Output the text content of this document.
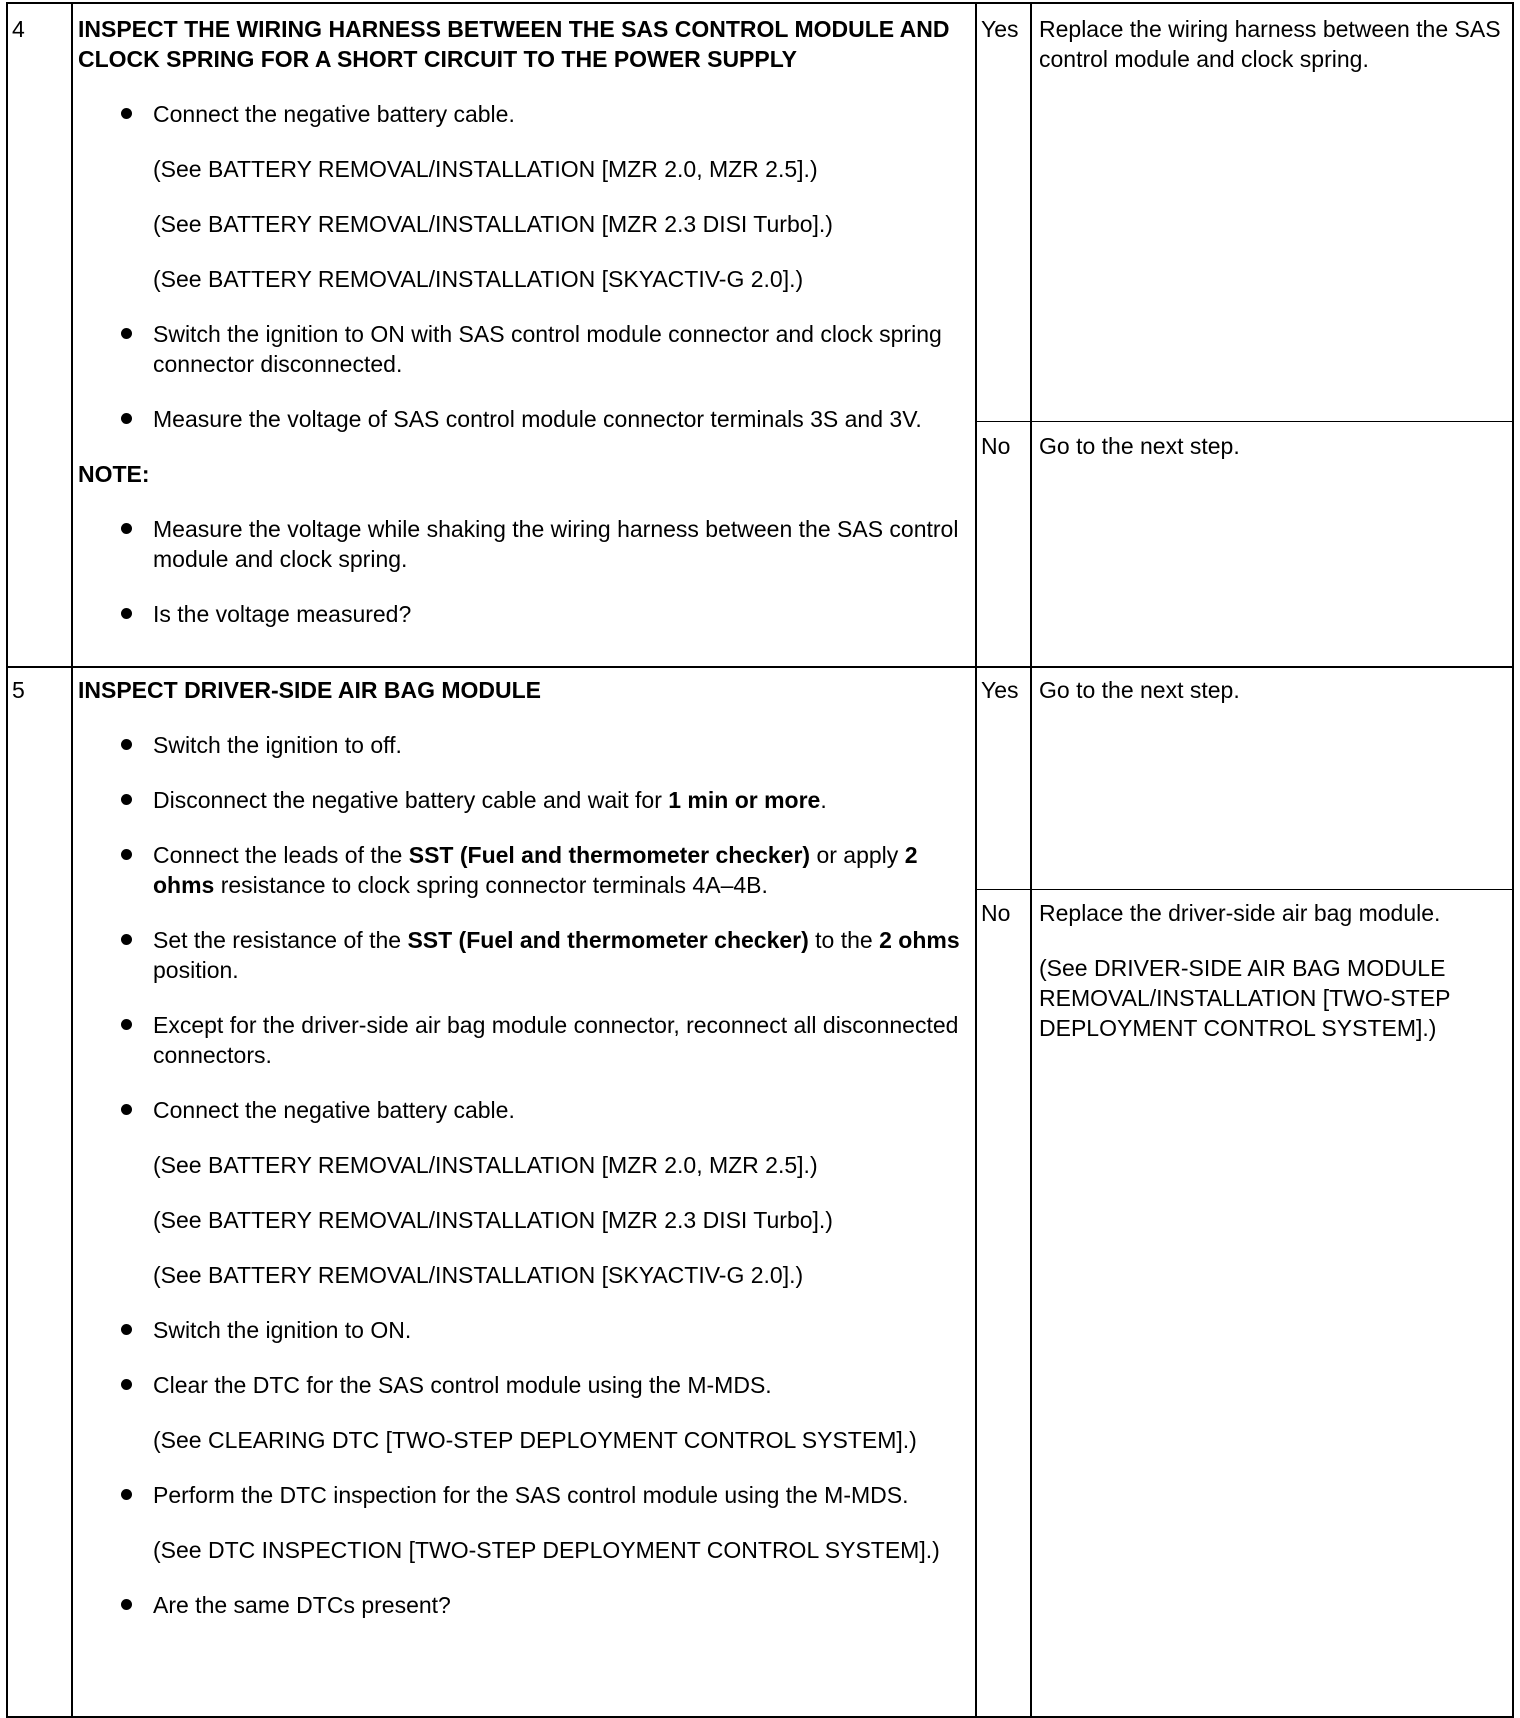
4 INSPECT THE WIRING HARNESS BETWEEN THE SAS CONTROL MODULE AND CLOCK SPRING FOR A SHORT CIRCUIT TO THE POWER SUPPLY

Connect the negative battery cable.

(See BATTERY REMOVAL/INSTALLATION [MZR 2.0, MZR 2.5].)

(See BATTERY REMOVAL/INSTALLATION [MZR 2.3 DISI Turbo].)

(See BATTERY REMOVAL/INSTALLATION [SKYACTIV-G 2.0].)

Switch the ignition to ON with SAS control module connector and clock spring connector disconnected.

Measure the voltage of SAS control module connector terminals 3S and 3V.

NOTE:

Measure the voltage while shaking the wiring harness between the SAS control module and clock spring.

Is the voltage measured?

Yes Replace the wiring harness between the SAS control module and clock spring.
No Go to the next step.
5 INSPECT DRIVER-SIDE AIR BAG MODULE

Switch the ignition to off.

Disconnect the negative battery cable and wait for 1 min or more.

Connect the leads of the SST (Fuel and thermometer checker) or apply 2 ohms resistance to clock spring connector terminals 4A–4B.

Set the resistance of the SST (Fuel and thermometer checker) to the 2 ohms position.

Except for the driver-side air bag module connector, reconnect all disconnected connectors.

Connect the negative battery cable.

(See BATTERY REMOVAL/INSTALLATION [MZR 2.0, MZR 2.5].)

(See BATTERY REMOVAL/INSTALLATION [MZR 2.3 DISI Turbo].)

(See BATTERY REMOVAL/INSTALLATION [SKYACTIV-G 2.0].)

Switch the ignition to ON.

Clear the DTC for the SAS control module using the M-MDS.

(See CLEARING DTC [TWO-STEP DEPLOYMENT CONTROL SYSTEM].)

Perform the DTC inspection for the SAS control module using the M-MDS.

(See DTC INSPECTION [TWO-STEP DEPLOYMENT CONTROL SYSTEM].)

Are the same DTCs present?

Yes Go to the next step.
No Replace the driver-side air bag module.

(See DRIVER-SIDE AIR BAG MODULE REMOVAL/INSTALLATION [TWO-STEP DEPLOYMENT CONTROL SYSTEM].)
